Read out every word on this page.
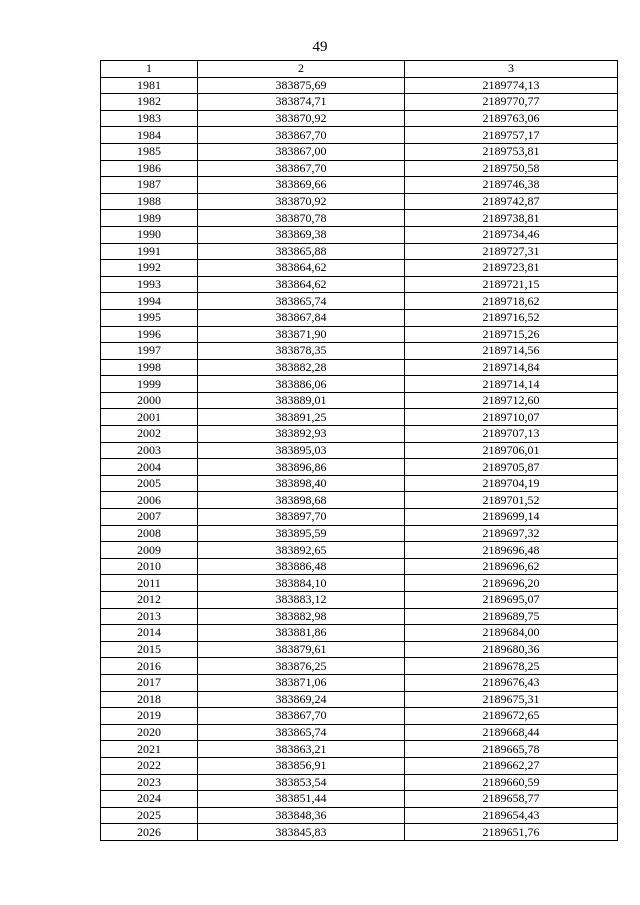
49
1	2	3
1981	383875,69	2189774,13
1982	383874,71	2189770,77
1983	383870,92	2189763,06
1984	383867,70	2189757,17
1985	383867,00	2189753,81
1986	383867,70	2189750,58
1987	383869,66	2189746,38
1988	383870,92	2189742,87
1989	383870,78	2189738,81
1990	383869,38	2189734,46
1991	383865,88	2189727,31
1992	383864,62	2189723,81
1993	383864,62	2189721,15
1994	383865,74	2189718,62
1995	383867,84	2189716,52
1996	383871,90	2189715,26
1997	383878,35	2189714,56
1998	383882,28	2189714,84
1999	383886,06	2189714,14
2000	383889,01	2189712,60
2001	383891,25	2189710,07
2002	383892,93	2189707,13
2003	383895,03	2189706,01
2004	383896,86	2189705,87
2005	383898,40	2189704,19
2006	383898,68	2189701,52
2007	383897,70	2189699,14
2008	383895,59	2189697,32
2009	383892,65	2189696,48
2010	383886,48	2189696,62
2011	383884,10	2189696,20
2012	383883,12	2189695,07
2013	383882,98	2189689,75
2014	383881,86	2189684,00
2015	383879,61	2189680,36
2016	383876,25	2189678,25
2017	383871,06	2189676,43
2018	383869,24	2189675,31
2019	383867,70	2189672,65
2020	383865,74	2189668,44
2021	383863,21	2189665,78
2022	383856,91	2189662,27
2023	383853,54	2189660,59
2024	383851,44	2189658,77
2025	383848,36	2189654,43
2026	383845,83	2189651,76
